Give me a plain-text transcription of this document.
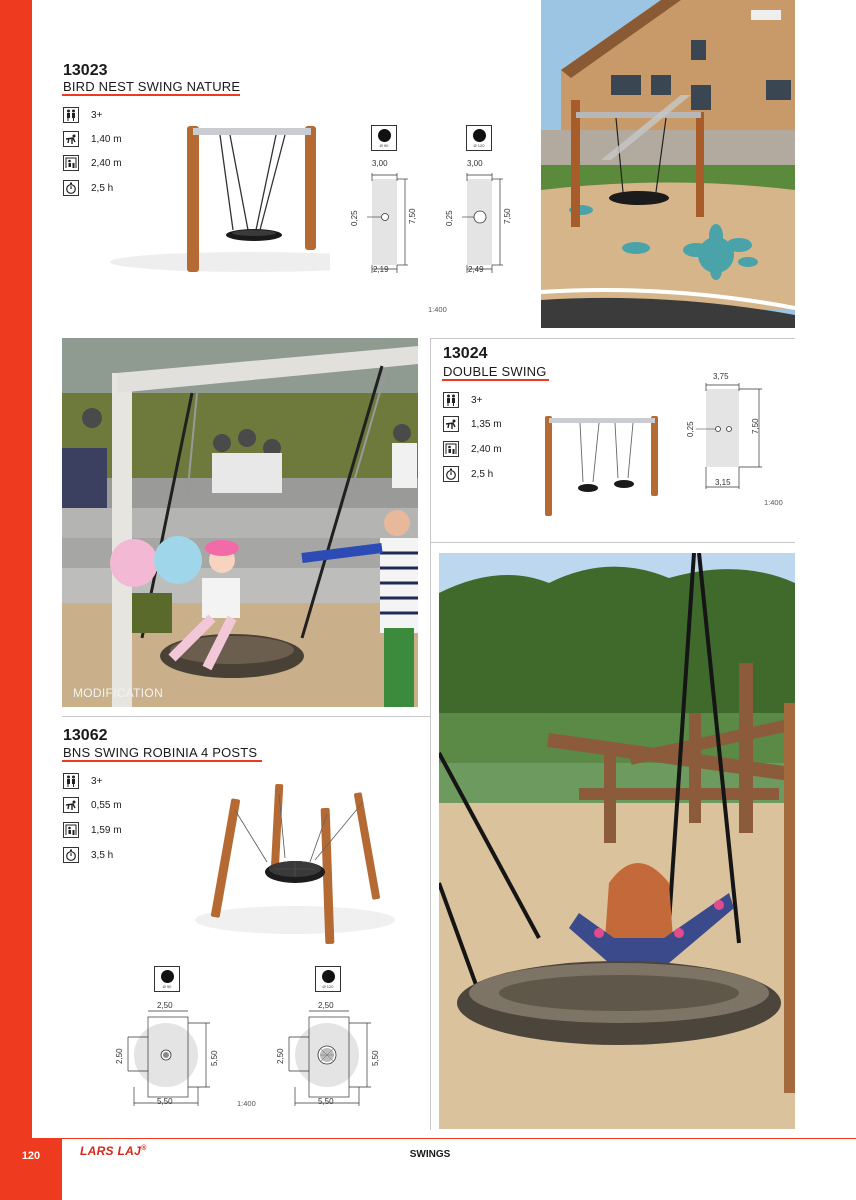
120	LARS LAJ®
SWINGS
13023
BIRD NEST SWING NATURE
3+
1,40 m
2,40 m
2,5 h
Ø 90
3,00
7,50
0,25
2,19
Ø 120
3,00
7,50
0,25
2,49
1:400
MODIFICATION
13024
DOUBLE SWING
3+
1,35 m
2,40 m
2,5 h
3,75
7,50
0,25
3,15
1:400
13062
BNS SWING ROBINIA 4 POSTS
3+
0,55 m
1,59 m
3,5 h
Ø 90
2,50
2,50	5,50
5,50	1:400
Ø 120
2,50
2,50	5,50
5,50
